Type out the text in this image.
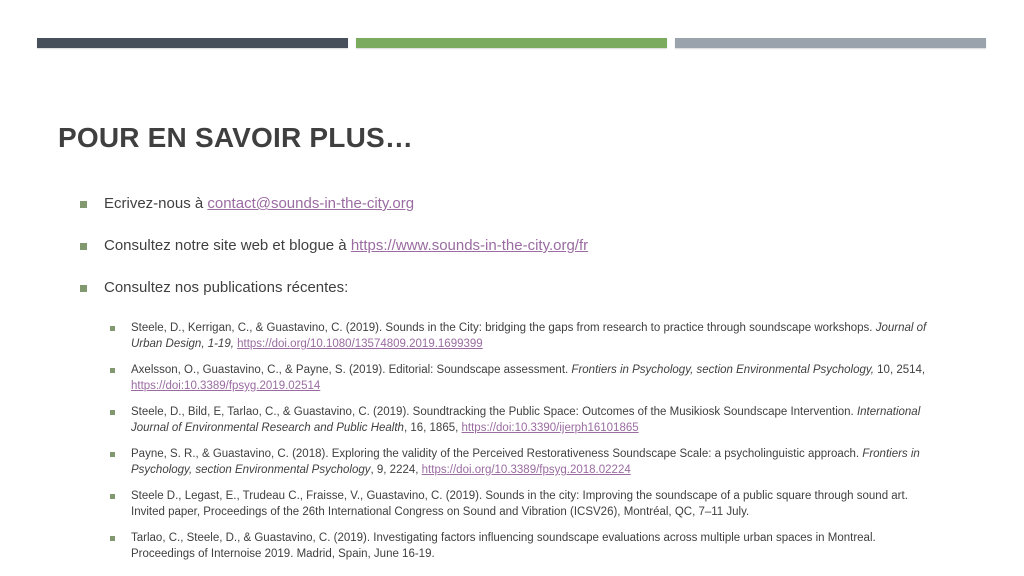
POUR EN SAVOIR PLUS…
Ecrivez-nous à contact@sounds-in-the-city.org
Consultez notre site web et blogue à https://www.sounds-in-the-city.org/fr
Consultez nos publications récentes:
Steele, D., Kerrigan, C., & Guastavino, C. (2019). Sounds in the City: bridging the gaps from research to practice through soundscape workshops. Journal of Urban Design, 1-19, https://doi.org/10.1080/13574809.2019.1699399
Axelsson, O., Guastavino, C., & Payne, S. (2019). Editorial: Soundscape assessment. Frontiers in Psychology, section Environmental Psychology, 10, 2514, https://doi:10.3389/fpsyg.2019.02514
Steele, D., Bild, E, Tarlao, C., & Guastavino, C. (2019). Soundtracking the Public Space: Outcomes of the Musikiosk Soundscape Intervention. International Journal of Environmental Research and Public Health, 16, 1865, https://doi:10.3390/ijerph16101865
Payne, S. R., & Guastavino, C. (2018). Exploring the validity of the Perceived Restorativeness Soundscape Scale: a psycholinguistic approach. Frontiers in Psychology, section Environmental Psychology, 9, 2224, https://doi.org/10.3389/fpsyg.2018.02224
Steele D., Legast, E., Trudeau C., Fraisse, V., Guastavino, C. (2019). Sounds in the city: Improving the soundscape of a public square through sound art. Invited paper, Proceedings of the 26th International Congress on Sound and Vibration (ICSV26), Montréal, QC, 7–11 July.
Tarlao, C., Steele, D., & Guastavino, C. (2019). Investigating factors influencing soundscape evaluations across multiple urban spaces in Montreal. Proceedings of Internoise 2019. Madrid, Spain, June 16-19.
